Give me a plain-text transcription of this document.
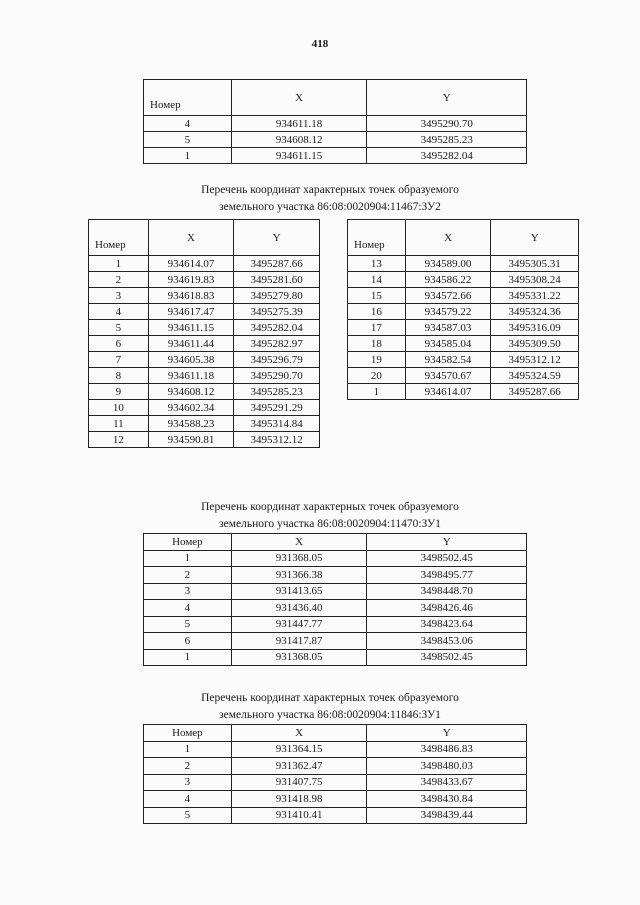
418
Номер	X	Y
4	934611.18	3495290.70
5	934608.12	3495285.23
1	934611.15	3495282.04
Перечень координат характерных точек образуемого
земельного участка 86:08:0020904:11467:ЗУ2
Номер	X	Y
1	934614.07	3495287.66
2	934619.83	3495281.60
3	934618.83	3495279.80
4	934617.47	3495275.39
5	934611.15	3495282.04
6	934611.44	3495282.97
7	934605.38	3495296.79
8	934611.18	3495290.70
9	934608.12	3495285.23
10	934602.34	3495291.29
11	934588.23	3495314.84
12	934590.81	3495312.12
Номер	X	Y
13	934589.00	3495305.31
14	934586.22	3495308.24
15	934572.66	3495331.22
16	934579.22	3495324.36
17	934587.03	3495316.09
18	934585.04	3495309.50
19	934582.54	3495312.12
20	934570.67	3495324.59
1	934614.07	3495287.66
Перечень координат характерных точек образуемого
земельного участка 86:08:0020904:11470:ЗУ1
Номер	X	Y
1	931368.05	3498502.45
2	931366.38	3498495.77
3	931413.65	3498448.70
4	931436.40	3498426.46
5	931447.77	3498423.64
6	931417.87	3498453.06
1	931368.05	3498502.45
Перечень координат характерных точек образуемого
земельного участка 86:08:0020904:11846:ЗУ1
Номер	X	Y
1	931364.15	3498486.83
2	931362.47	3498480.03
3	931407.75	3498433.67
4	931418.98	3498430.84
5	931410.41	3498439.44
